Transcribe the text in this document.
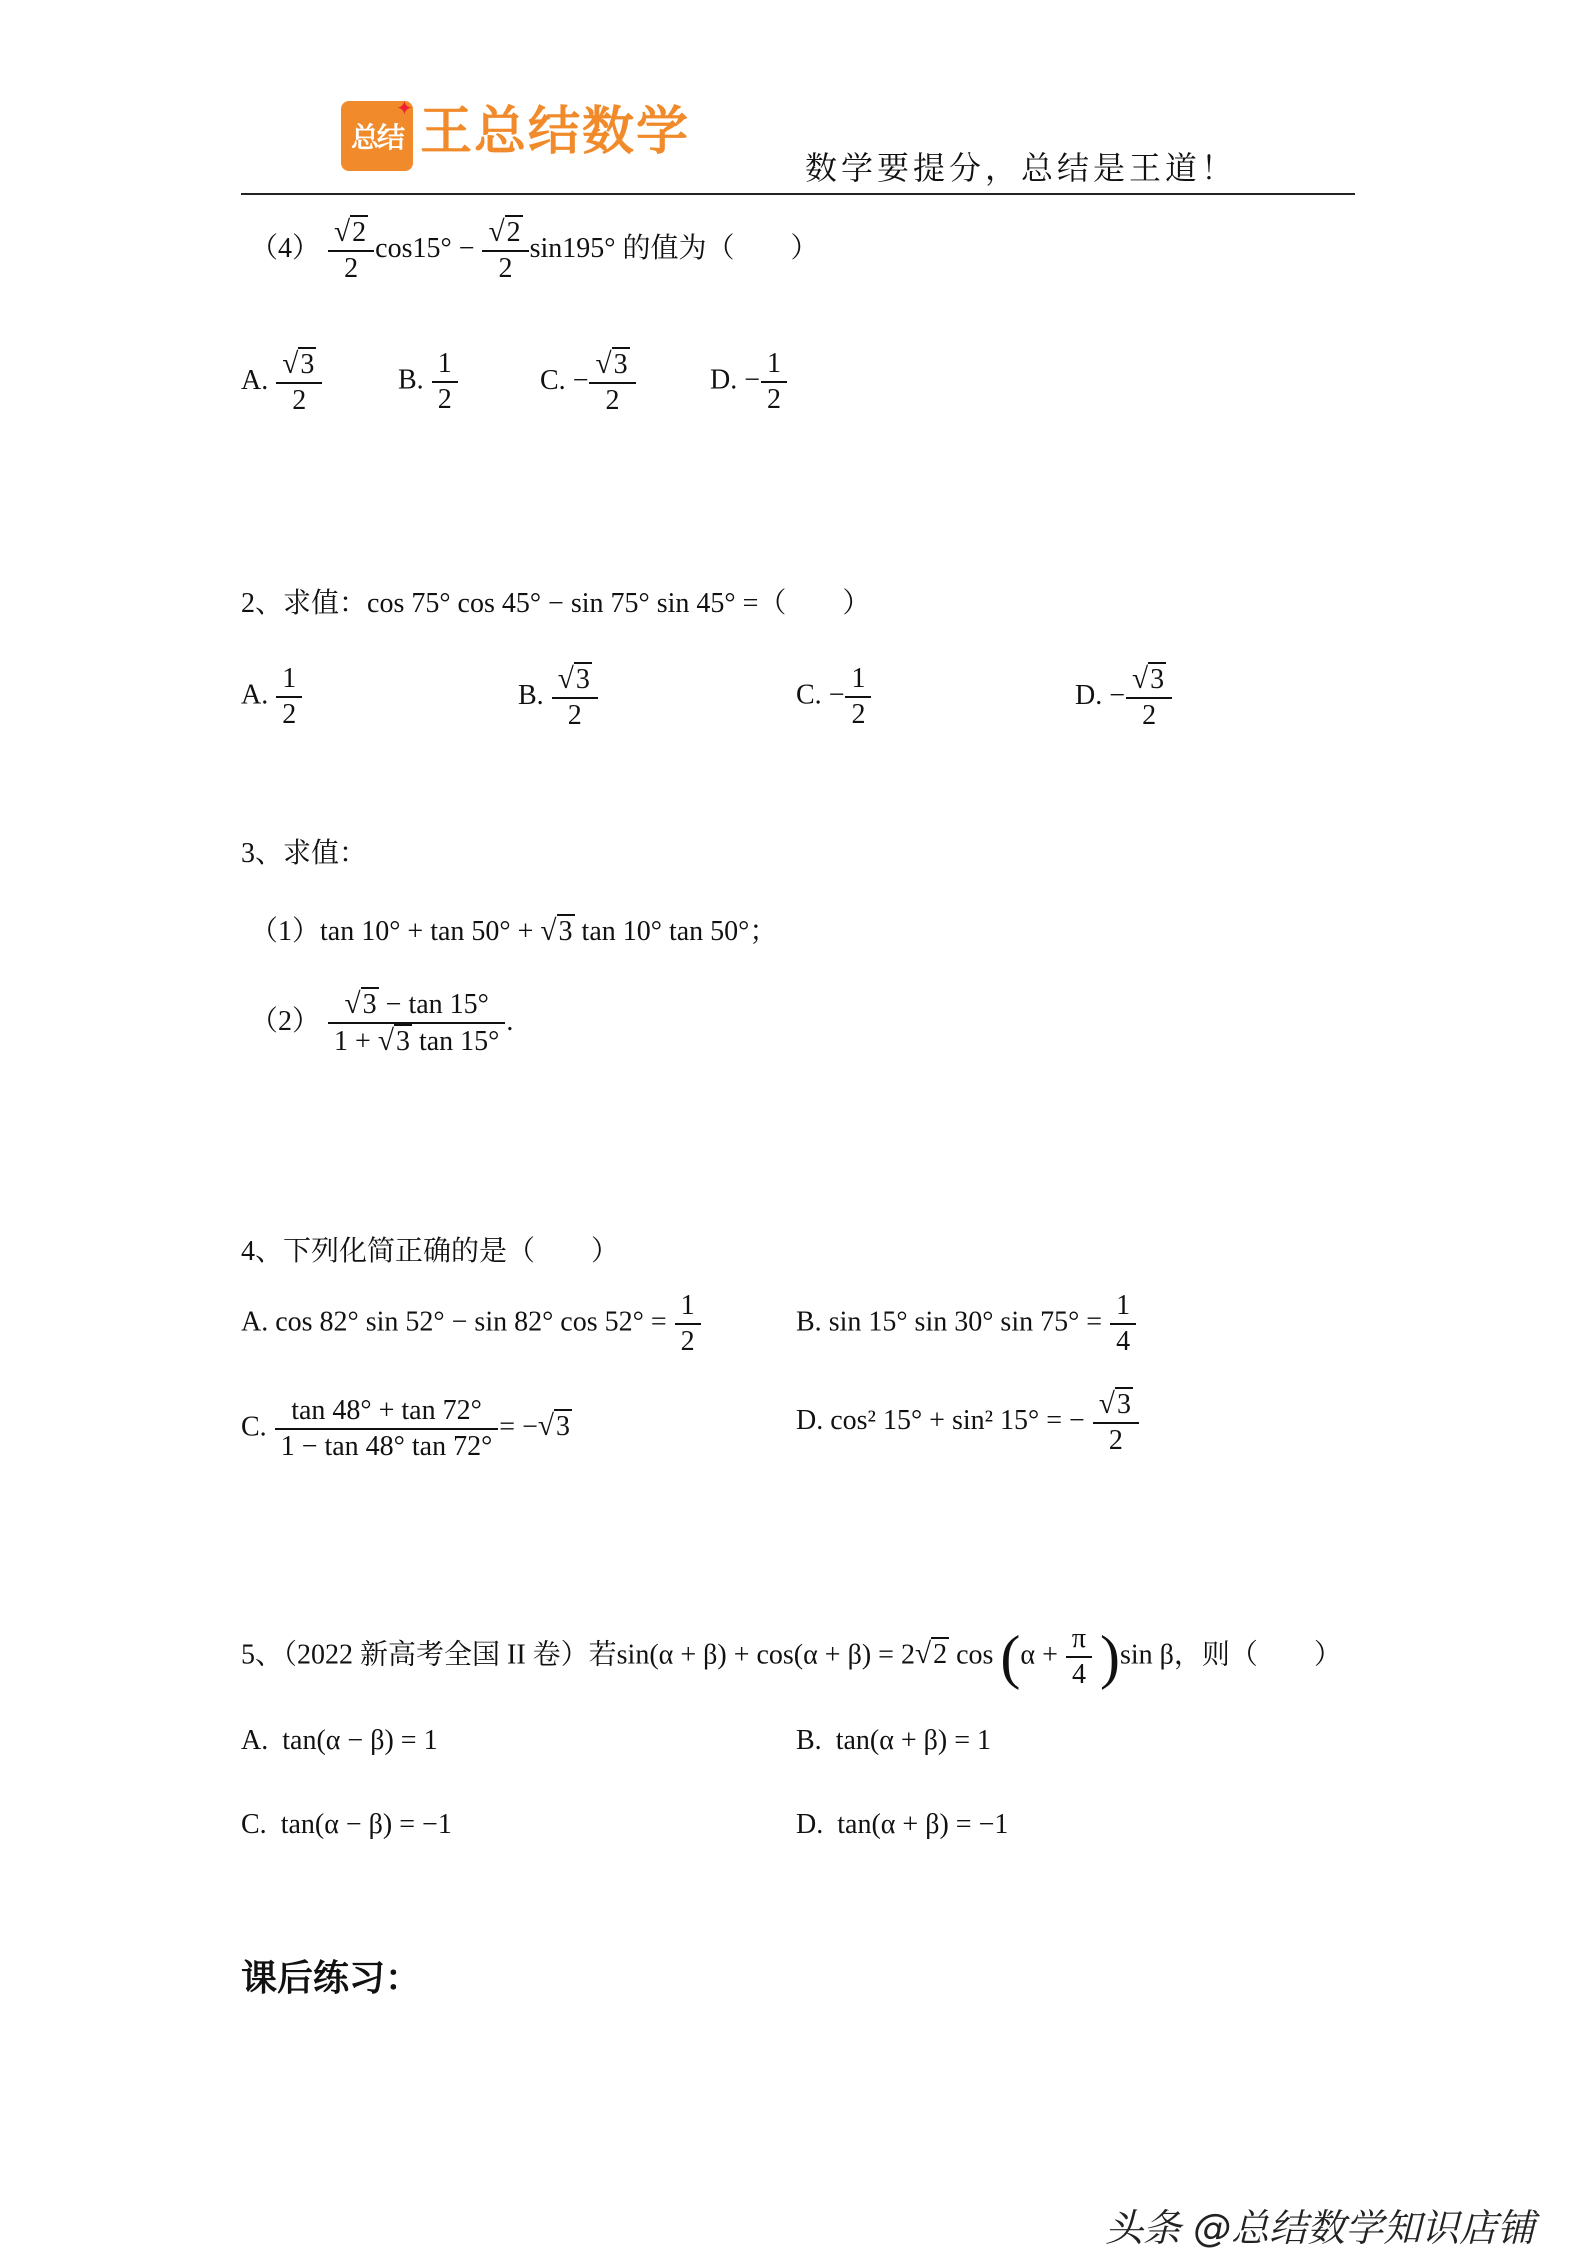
总结
✦ 王总结数学
数学要提分，总结是王道！
$(4) \frac{√2}{2} \cos 15^\circ - \frac{√2}{2} \sin 195^\circ$ 的值为（　　）
A. $\frac{√3}{2}$	B. $\frac{1}{2}$	C. − $\frac{√3}{2}$	D. − $\frac{1}{2}$
2、求值：cos 75° cos 45° − sin 75° sin 45° =（　　）
A. $\frac{1}{2}$	B. $\frac{√3}{2}$	C. − $\frac{1}{2}$	D. − $\frac{√3}{2}$
3、求值：
（1）tan 10° + tan 50° + √3 tan 10° tan 50°；
$(2) \frac{√3 - \tan 15^\circ}{1 + √3 \tan 15^\circ}$ .
4、下列化简正确的是（　　）
A. cos 82° sin 52° − sin 82° $\cos 52^\circ = \frac{1}{2}$	B. sin 15° sin 30° $\sin 75^\circ = \frac{1}{4}$
C. $\frac{\tan 48^\circ + \tan 72^\circ}{1 - \tan 48^\circ \tan 72^\circ} = -√3$	D. cos² 15° + sin² 15° = − $\frac{√3}{2}$
5、（2022 新高考全国 II 卷）若sin(α + β) + cos(α + β) = 2√2 $\cos (\alpha + \frac{\pi}{4} )\sin$ β，则（　　）
A. tan(α − β) = 1	B. tan(α + β) = 1
C. tan(α − β) = −1	D. tan(α + β) = −1
课后练习：
头条 @总结数学知识店铺
